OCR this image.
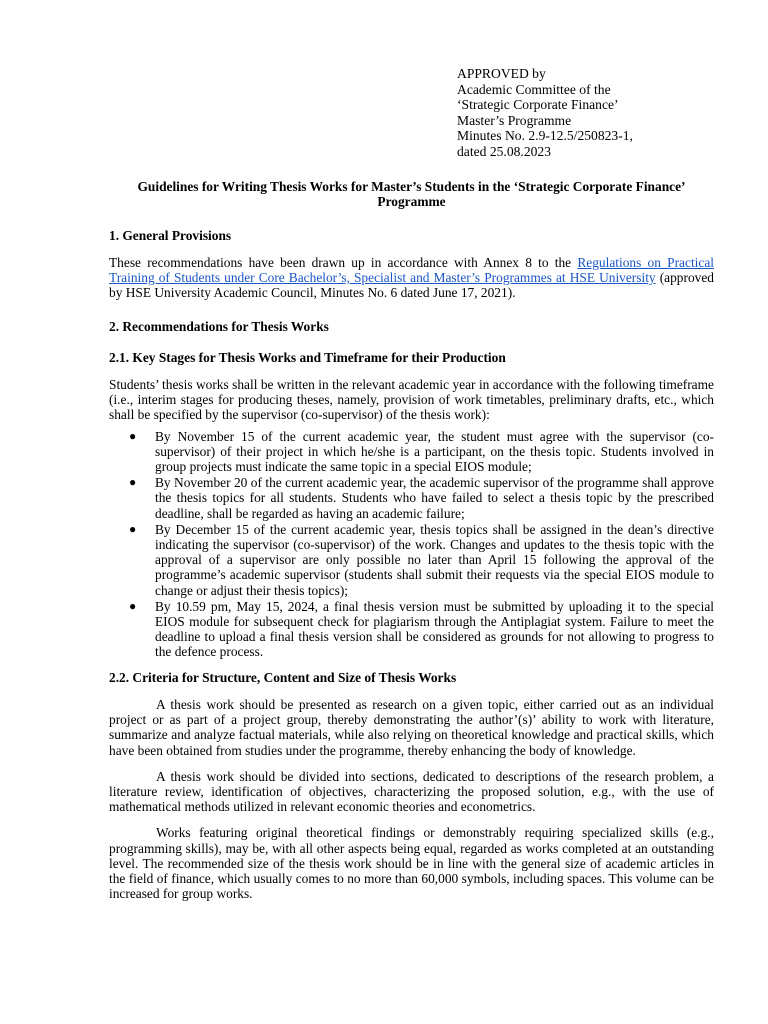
APPROVED by
Academic Committee of the
‘Strategic Corporate Finance’
Master’s Programme
Minutes No. 2.9-12.5/250823-1,
dated 25.08.2023
Guidelines for Writing Thesis Works for Master’s Students in the ‘Strategic Corporate Finance’ Programme
1. General Provisions

These recommendations have been drawn up in accordance with Annex 8 to the Regulations on Practical Training of Students under Core Bachelor’s, Specialist and Master’s Programmes at HSE University (approved by HSE University Academic Council, Minutes No. 6 dated June 17, 2021).

2. Recommendations for Thesis Works
2.1. Key Stages for Thesis Works and Timeframe for their Production

Students’ thesis works shall be written in the relevant academic year in accordance with the following timeframe (i.e., interim stages for producing theses, namely, provision of work timetables, preliminary drafts, etc., which shall be specified by the supervisor (co-supervisor) of the thesis work):

● By November 15 of the current academic year, the student must agree with the supervisor (co-supervisor) of their project in which he/she is a participant, on the thesis topic. Students involved in group projects must indicate the same topic in a special EIOS module;
● By November 20 of the current academic year, the academic supervisor of the programme shall approve the thesis topics for all students. Students who have failed to select a thesis topic by the prescribed deadline, shall be regarded as having an academic failure;
● By December 15 of the current academic year, thesis topics shall be assigned in the dean’s directive indicating the supervisor (co-supervisor) of the work. Changes and updates to the thesis topic with the approval of a supervisor are only possible no later than April 15 following the approval of the programme’s academic supervisor (students shall submit their requests via the special EIOS module to change or adjust their thesis topics);
● By 10.59 pm, May 15, 2024, a final thesis version must be submitted by uploading it to the special EIOS module for subsequent check for plagiarism through the Antiplagiat system. Failure to meet the deadline to upload a final thesis version shall be considered as grounds for not allowing to progress to the defence process.
2.2. Criteria for Structure, Content and Size of Thesis Works

A thesis work should be presented as research on a given topic, either carried out as an individual project or as part of a project group, thereby demonstrating the author’(s)’ ability to work with literature, summarize and analyze factual materials, while also relying on theoretical knowledge and practical skills, which have been obtained from studies under the programme, thereby enhancing the body of knowledge.

A thesis work should be divided into sections, dedicated to descriptions of the research problem, a literature review, identification of objectives, characterizing the proposed solution, e.g., with the use of mathematical methods utilized in relevant economic theories and econometrics.

Works featuring original theoretical findings or demonstrably requiring specialized skills (e.g., programming skills), may be, with all other aspects being equal, regarded as works completed at an outstanding level. The recommended size of the thesis work should be in line with the general size of academic articles in the field of finance, which usually comes to no more than 60,000 symbols, including spaces. This volume can be increased for group works.
